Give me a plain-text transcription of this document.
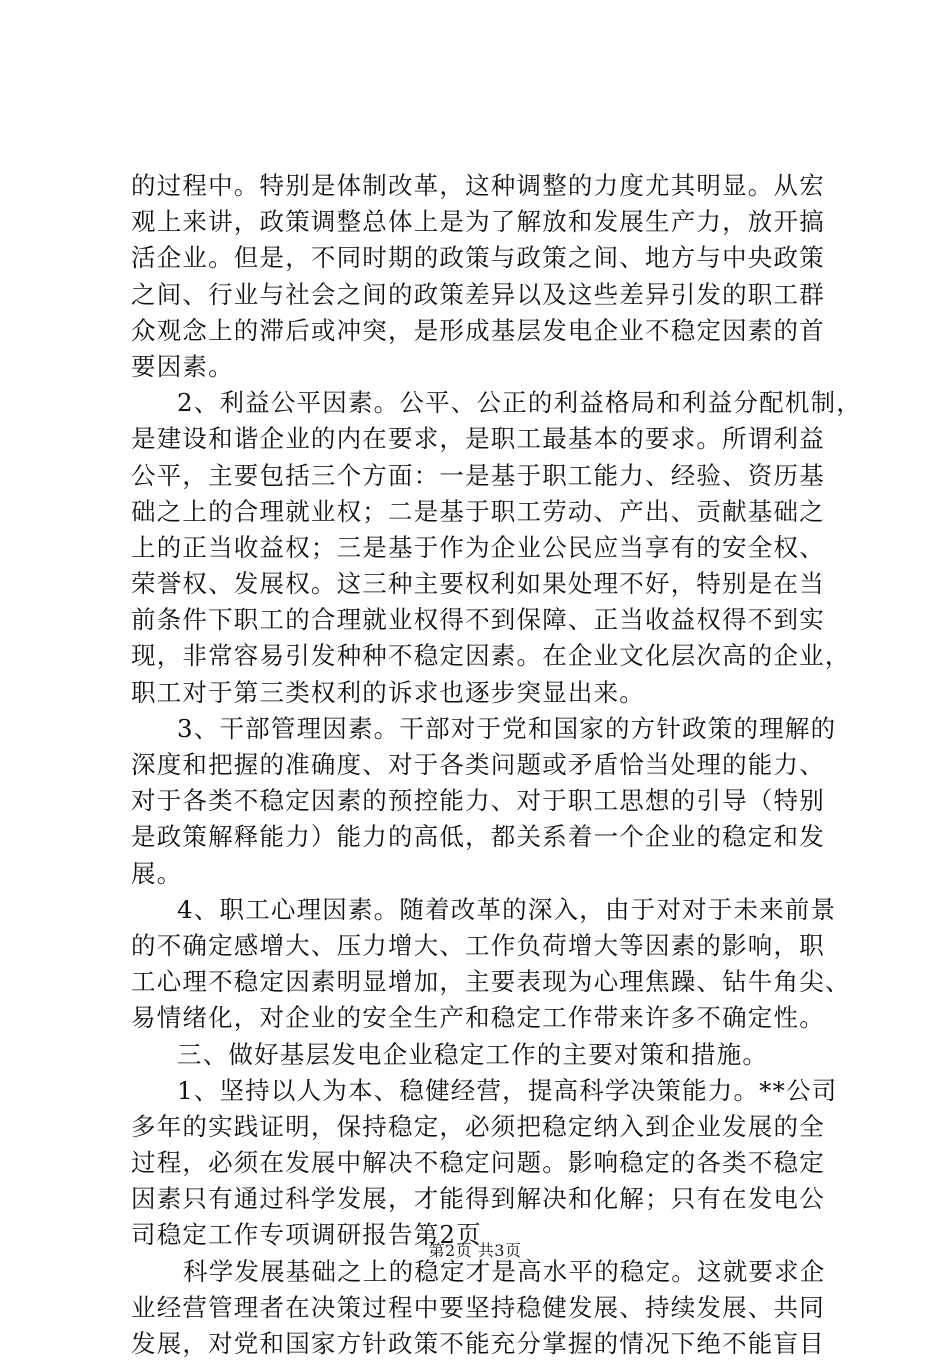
的过程中。特别是体制改革，这种调整的力度尤其明显。从宏
观上来讲，政策调整总体上是为了解放和发展生产力，放开搞
活企业。但是，不同时期的政策与政策之间、地方与中央政策
之间、行业与社会之间的政策差异以及这些差异引发的职工群
众观念上的滞后或冲突，是形成基层发电企业不稳定因素的首
要因素。
2、利益公平因素。公平、公正的利益格局和利益分配机制，
是建设和谐企业的内在要求，是职工最基本的要求。所谓利益
公平，主要包括三个方面：一是基于职工能力、经验、资历基
础之上的合理就业权；二是基于职工劳动、产出、贡献基础之
上的正当收益权；三是基于作为企业公民应当享有的安全权、
荣誉权、发展权。这三种主要权利如果处理不好，特别是在当
前条件下职工的合理就业权得不到保障、正当收益权得不到实
现，非常容易引发种种不稳定因素。在企业文化层次高的企业，
职工对于第三类权利的诉求也逐步突显出来。
3、干部管理因素。干部对于党和国家的方针政策的理解的
深度和把握的准确度、对于各类问题或矛盾恰当处理的能力、
对于各类不稳定因素的预控能力、对于职工思想的引导（特别
是政策解释能力）能力的高低，都关系着一个企业的稳定和发
展。
4、职工心理因素。随着改革的深入，由于对对于未来前景
的不确定感增大、压力增大、工作负荷增大等因素的影响，职
工心理不稳定因素明显增加，主要表现为心理焦躁、钻牛角尖、
易情绪化，对企业的安全生产和稳定工作带来许多不确定性。
三、做好基层发电企业稳定工作的主要对策和措施。
1、坚持以人为本、稳健经营，提高科学决策能力。**公司
多年的实践证明，保持稳定，必须把稳定纳入到企业发展的全
过程，必须在发展中解决不稳定问题。影响稳定的各类不稳定
因素只有通过科学发展，才能得到解决和化解；只有在发电公
司稳定工作专项调研报告第2页
科学发展基础之上的稳定才是高水平的稳定。这就要求企
业经营管理者在决策过程中要坚持稳健发展、持续发展、共同
发展，对党和国家方针政策不能充分掌握的情况下绝不能盲目
第2页 共3页
